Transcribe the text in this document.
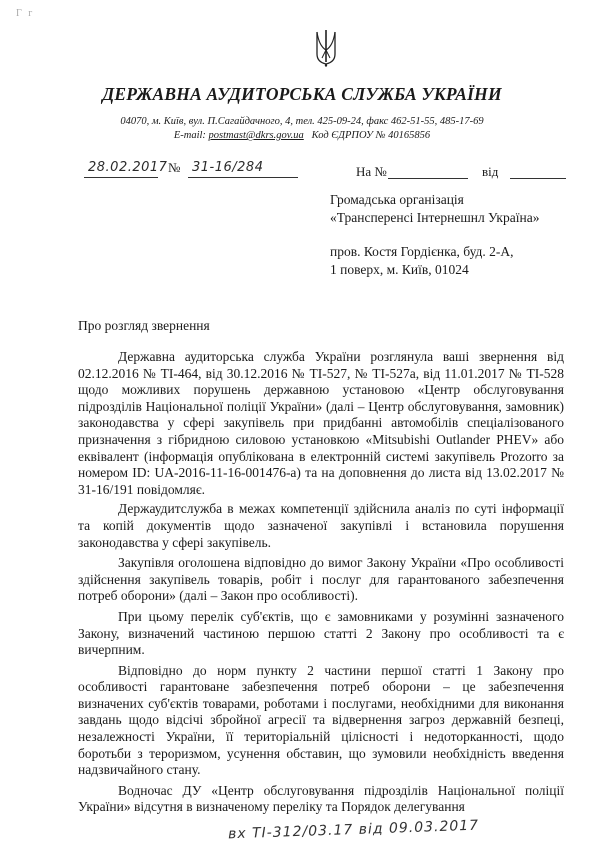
Г г
ДЕРЖАВНА АУДИТОРСЬКА СЛУЖБА УКРАЇНИ
04070, м. Київ, вул. П.Сагайдачного, 4, тел. 425-09-24, факс 462-51-55, 485-17-69
E-mail: postmast@dkrs.gov.ua Код ЄДРПОУ № 40165856
28.02.2017 № 31-16/284	На №	від
Громадська організація
«Трансперенсі Інтернешнл Україна»
пров. Костя Гордієнка, буд. 2-А,
1 поверх, м. Київ, 01024
Про розгляд звернення

Державна аудиторська служба України розглянула ваші звернення від 02.12.2016 № ТІ-464, від 30.12.2016 № ТІ-527, № ТІ-527а, від 11.01.2017 № ТІ-528 щодо можливих порушень державною установою «Центр обслуговування підрозділів Національної поліції України» (далі – Центр обслуговування, замовник) законодавства у сфері закупівель при придбанні автомобілів спеціалізованого призначення з гібридною силовою установкою «Mitsubishi Outlander PHEV» або еквівалент (інформація опублікована в електронній системі закупівель Prozorro за номером ID: UA-2016-11-16-001476-а) та на доповнення до листа від 13.02.2017 № 31-16/191 повідомляє.

Держаудитслужба в межах компетенції здійснила аналіз по суті інформації та копій документів щодо зазначеної закупівлі і встановила порушення законодавства у сфері закупівель.

Закупівля оголошена відповідно до вимог Закону України «Про особливості здійснення закупівель товарів, робіт і послуг для гарантованого забезпечення потреб оборони» (далі – Закон про особливості).

При цьому перелік суб'єктів, що є замовниками у розумінні зазначеного Закону, визначений частиною першою статті 2 Закону про особливості та є вичерпним.

Відповідно до норм пункту 2 частини першої статті 1 Закону про особливості гарантоване забезпечення потреб оборони – це забезпечення визначених суб'єктів товарами, роботами і послугами, необхідними для виконання завдань щодо відсічі збройної агресії та відвернення загроз державній безпеці, незалежності України, її територіальній цілісності і недоторканності, щодо боротьби з тероризмом, усунення обставин, що зумовили необхідність введення надзвичайного стану.

Водночас ДУ «Центр обслуговування підрозділів Національної поліції України» відсутня в визначеному переліку та Порядок делегування

вх ТІ-312/03.17 від 09.03.2017
